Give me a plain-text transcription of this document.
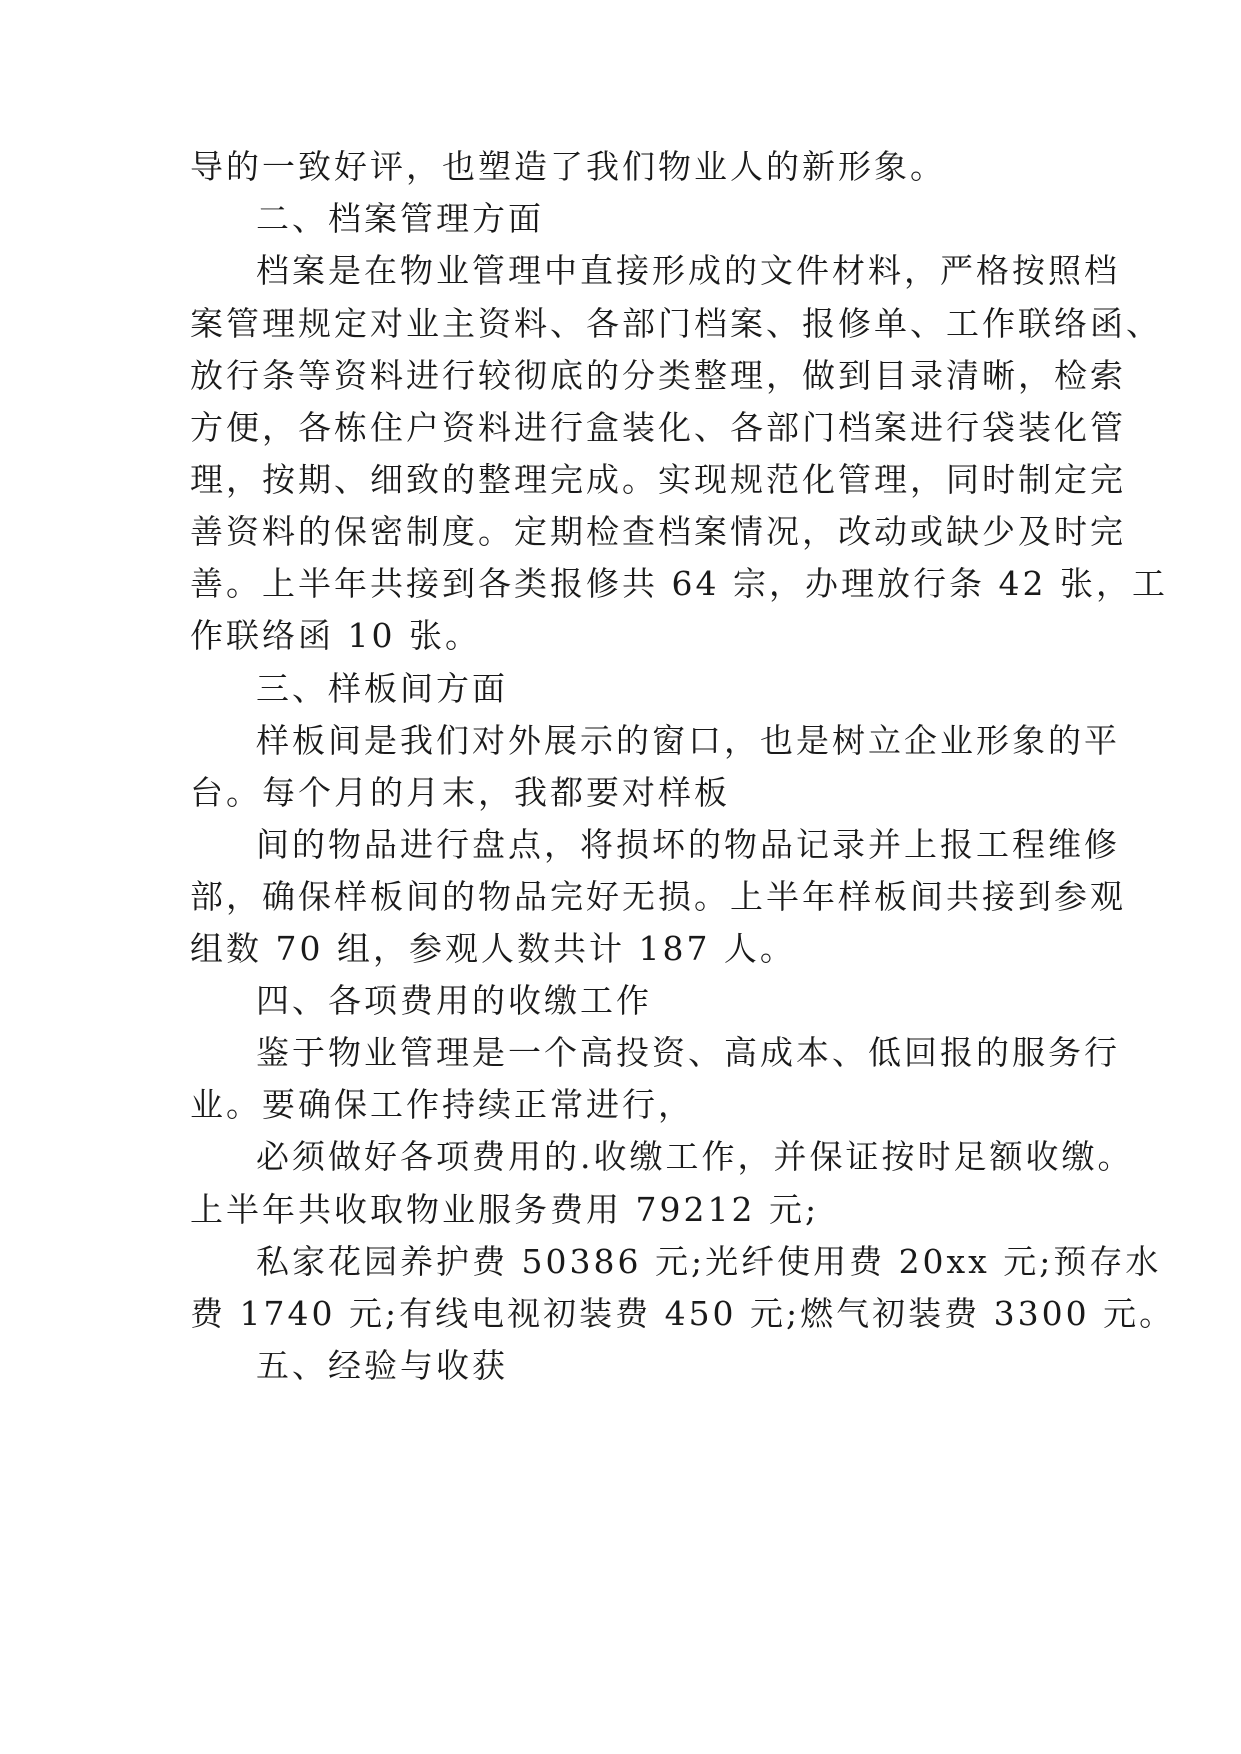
导的一致好评，也塑造了我们物业人的新形象。
二、档案管理方面
档案是在物业管理中直接形成的文件材料，严格按照档
案管理规定对业主资料、各部门档案、报修单、工作联络函、
放行条等资料进行较彻底的分类整理，做到目录清晰，检索
方便，各栋住户资料进行盒装化、各部门档案进行袋装化管
理，按期、细致的整理完成。实现规范化管理，同时制定完
善资料的保密制度。定期检查档案情况，改动或缺少及时完
善。上半年共接到各类报修共 64 宗，办理放行条 42 张，工
作联络函 10 张。
三、样板间方面
样板间是我们对外展示的窗口，也是树立企业形象的平
台。每个月的月末，我都要对样板
间的物品进行盘点，将损坏的物品记录并上报工程维修
部，确保样板间的物品完好无损。上半年样板间共接到参观
组数 70 组，参观人数共计 187 人。
四、各项费用的收缴工作
鉴于物业管理是一个高投资、高成本、低回报的服务行
业。要确保工作持续正常进行，
必须做好各项费用的.收缴工作，并保证按时足额收缴。
上半年共收取物业服务费用 79212 元;
私家花园养护费 50386 元;光纤使用费 20xx 元;预存水
费 1740 元;有线电视初装费 450 元;燃气初装费 3300 元。
五、经验与收获
